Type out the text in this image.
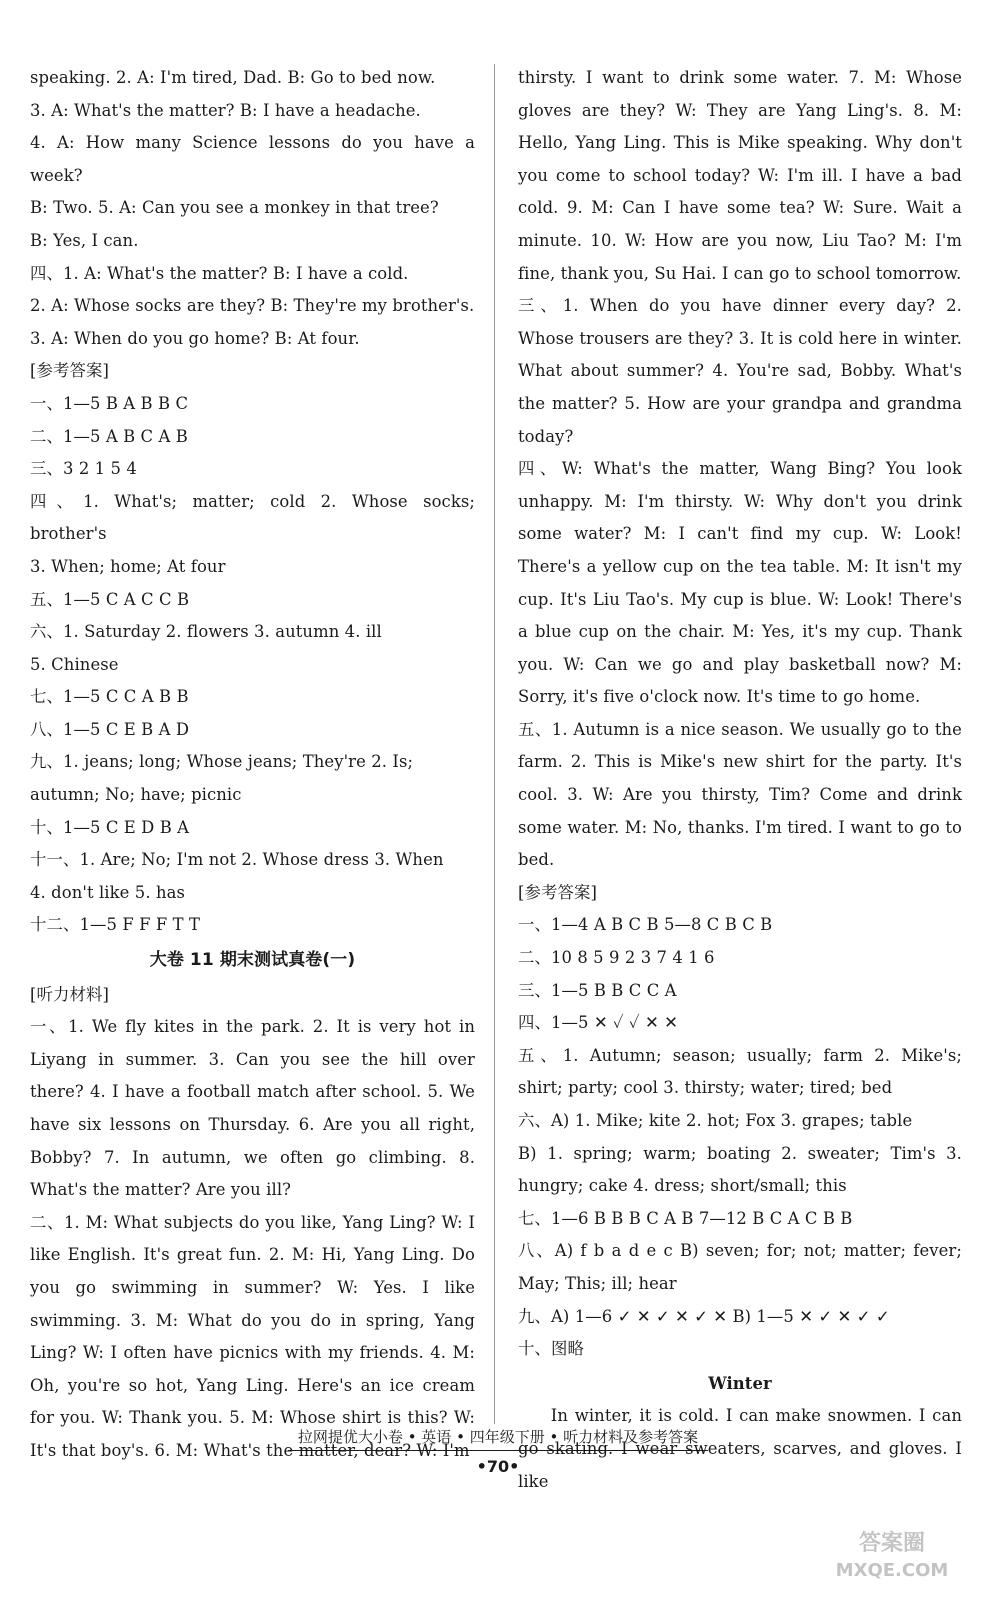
speaking. 2. A: I'm tired, Dad. B: Go to bed now.

3. A: What's the matter? B: I have a headache.

4. A: How many Science lessons do you have a week?

B: Two. 5. A: Can you see a monkey in that tree?

B: Yes, I can.

四、1. A: What's the matter? B: I have a cold.

2. A: Whose socks are they? B: They're my brother's.

3. A: When do you go home? B: At four.

[参考答案]

一、1—5 B A B B C

二、1—5 A B C A B

三、3 2 1 5 4

四、1. What's; matter; cold 2. Whose socks; brother's

3. When; home; At four

五、1—5 C A C C B

六、1. Saturday 2. flowers 3. autumn 4. ill

5. Chinese

七、1—5 C C A B B

八、1—5 C E B A D

九、1. jeans; long; Whose jeans; They're 2. Is;

autumn; No; have; picnic

十、1—5 C E D B A

十一、1. Are; No; I'm not 2. Whose dress 3. When

4. don't like 5. has

十二、1—5 F F F T T

大卷 11 期末测试真卷(一)

[听力材料]

一、1. We fly kites in the park. 2. It is very hot in Liyang in summer. 3. Can you see the hill over there? 4. I have a football match after school. 5. We have six lessons on Thursday. 6. Are you all right, Bobby? 7. In autumn, we often go climbing. 8. What's the matter? Are you ill?

二、1. M: What subjects do you like, Yang Ling? W: I like English. It's great fun. 2. M: Hi, Yang Ling. Do you go swimming in summer? W: Yes. I like swimming. 3. M: What do you do in spring, Yang Ling? W: I often have picnics with my friends. 4. M: Oh, you're so hot, Yang Ling. Here's an ice cream for you. W: Thank you. 5. M: Whose shirt is this? W: It's that boy's. 6. M: What's the matter, dear? W: I'm

thirsty. I want to drink some water. 7. M: Whose gloves are they? W: They are Yang Ling's. 8. M: Hello, Yang Ling. This is Mike speaking. Why don't you come to school today? W: I'm ill. I have a bad cold. 9. M: Can I have some tea? W: Sure. Wait a minute. 10. W: How are you now, Liu Tao? M: I'm fine, thank you, Su Hai. I can go to school tomorrow.

三、1. When do you have dinner every day? 2. Whose trousers are they? 3. It is cold here in winter. What about summer? 4. You're sad, Bobby. What's the matter? 5. How are your grandpa and grandma today?

四、W: What's the matter, Wang Bing? You look unhappy. M: I'm thirsty. W: Why don't you drink some water? M: I can't find my cup. W: Look! There's a yellow cup on the tea table. M: It isn't my cup. It's Liu Tao's. My cup is blue. W: Look! There's a blue cup on the chair. M: Yes, it's my cup. Thank you. W: Can we go and play basketball now? M: Sorry, it's five o'clock now. It's time to go home.

五、1. Autumn is a nice season. We usually go to the farm. 2. This is Mike's new shirt for the party. It's cool. 3. W: Are you thirsty, Tim? Come and drink some water. M: No, thanks. I'm tired. I want to go to bed.

[参考答案]

一、1—4 A B C B 5—8 C B C B

二、10 8 5 9 2 3 7 4 1 6

三、1—5 B B C C A

四、1—5 ✕ ✓ ✓ ✕ ✕

五、1. Autumn; season; usually; farm 2. Mike's; shirt; party; cool 3. thirsty; water; tired; bed

六、A) 1. Mike; kite 2. hot; Fox 3. grapes; table

B) 1. spring; warm; boating 2. sweater; Tim's 3. hungry; cake 4. dress; short/small; this

七、1—6 B B B C A B 7—12 B C A C B B

八、A) f b a d e c B) seven; for; not; matter; fever; May; This; ill; hear

九、A) 1—6 ✓ ✕ ✓ ✕ ✓ ✕ B) 1—5 ✕ ✓ ✕ ✓ ✓

十、图略

Winter

In winter, it is cold. I can make snowmen. I can go skating. I wear sweaters, scarves, and gloves. I like

拉网提优大小卷 • 英语 • 四年级下册 • 听力材料及参考答案
•70•
答案圈
MXQE.COM
